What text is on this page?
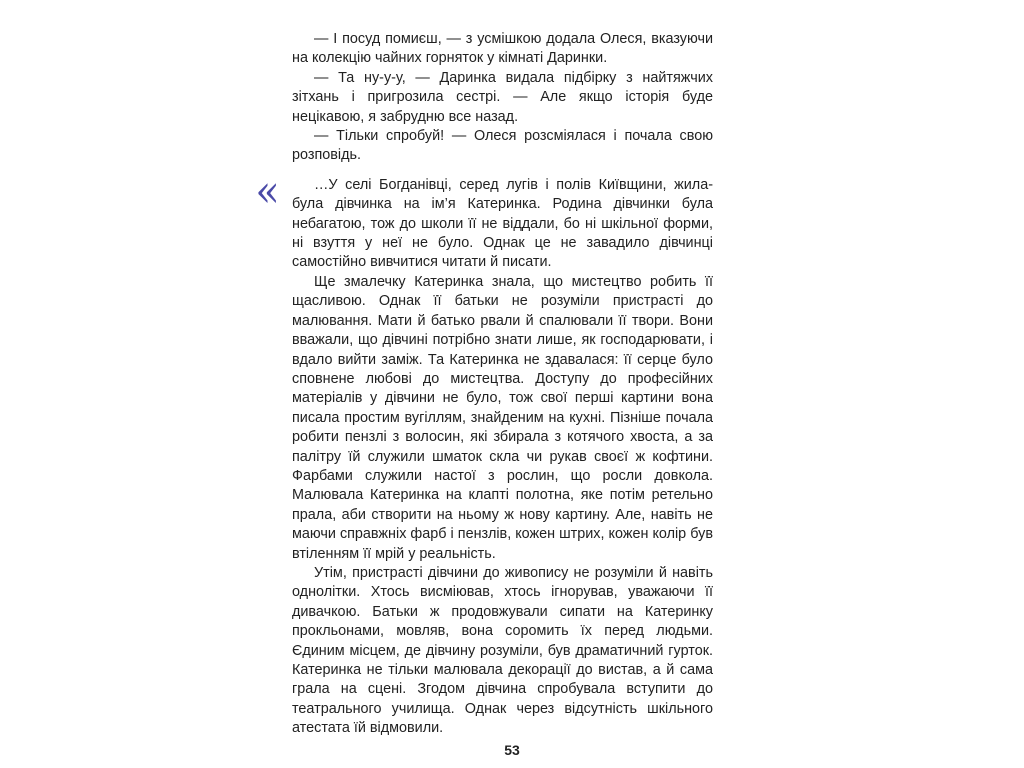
«

— І посуд помиєш, — з усмішкою додала Олеся, вказуючи на колекцію чайних горняток у кімнаті Даринки.

— Та ну-у-у, — Даринка видала підбірку з найтяжчих зітхань і пригрозила сестрі. — Але якщо історія буде нецікавою, я забрудню все назад.

— Тільки спробуй! — Олеся розсміялася і почала свою розповідь.

…У селі Богданівці, серед лугів і полів Київщини, жила-була дівчинка на ім’я Катеринка. Родина дівчинки була небагатою, тож до школи її не віддали, бо ні шкільної форми, ні взуття у неї не було. Однак це не завадило дівчинці самостійно вивчитися читати й писати.

Ще змалечку Катеринка знала, що мистецтво робить її щасливою. Однак її батьки не розуміли пристрасті до малювання. Мати й батько рвали й спалювали її твори. Вони вважали, що дівчині потрібно знати лише, як господарювати, і вдало вийти заміж. Та Катеринка не здавалася: її серце було сповнене любові до мистецтва. Доступу до професійних матеріалів у дівчини не було, тож свої перші картини вона писала простим вугіллям, знайденим на кухні. Пізніше почала робити пензлі з волосин, які збирала з котячого хвоста, а за палітру їй служили шматок скла чи рукав своєї ж кофтини. Фарбами служили настої з рослин, що росли довкола. Малювала Катеринка на клапті полотна, яке потім ретельно прала, аби створити на ньому ж нову картину. Але, навіть не маючи справжніх фарб і пензлів, кожен штрих, кожен колір був втіленням її мрій у реальність.

Утім, пристрасті дівчини до живопису не розуміли й навіть однолітки. Хтось висміював, хтось ігнорував, уважаючи її дивачкою. Батьки ж продовжували сипати на Катеринку прокльонами, мовляв, вона соромить їх перед людьми. Єдиним місцем, де дівчину розуміли, був драматичний гурток. Катеринка не тільки малювала декорації до вистав, а й сама грала на сцені. Згодом дівчина спробувала вступити до театрального училища. Однак через відсутність шкільного атестата їй відмовили.

53
